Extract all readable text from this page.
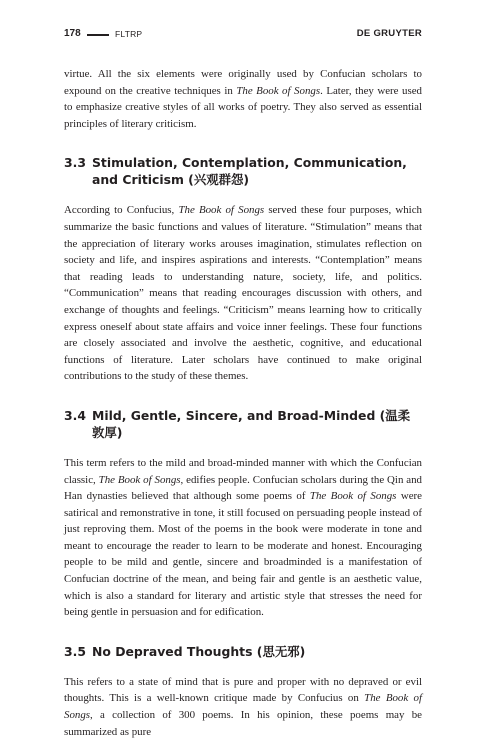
178	FLTRP	DE GRUYTER

virtue. All the six elements were originally used by Confucian scholars to expound on the creative techniques in The Book of Songs. Later, they were used to emphasize creative styles of all works of poetry. They also served as essential principles of literary criticism.

3.3 Stimulation, Contemplation, Communication, and Criticism (兴观群怨)

According to Confucius, The Book of Songs served these four purposes, which summarize the basic functions and values of literature. “Stimulation” means that the appreciation of literary works arouses imagination, stimulates reflection on society and life, and inspires aspirations and interests. “Contemplation” means that reading leads to understanding nature, society, life, and politics. “Communication” means that reading encourages discussion with others, and exchange of thoughts and feelings. “Criticism” means learning how to critically express oneself about state affairs and voice inner feelings. These four functions are closely associated and involve the aesthetic, cognitive, and educational functions of literature. Later scholars have continued to make original contributions to the study of these themes.

3.4 Mild, Gentle, Sincere, and Broad-Minded (温柔敦厚)

This term refers to the mild and broad-minded manner with which the Confucian classic, The Book of Songs, edifies people. Confucian scholars during the Qin and Han dynasties believed that although some poems of The Book of Songs were satirical and remonstrative in tone, it still focused on persuading people instead of just reproving them. Most of the poems in the book were moderate in tone and meant to encourage the reader to learn to be moderate and honest. Encouraging people to be mild and gentle, sincere and broadminded is a manifestation of Confucian doctrine of the mean, and being fair and gentle is an aesthetic value, which is also a standard for literary and artistic style that stresses the need for being gentle in persuasion and for edification.

3.5 No Depraved Thoughts (思无邪)

This refers to a state of mind that is pure and proper with no depraved or evil thoughts. This is a well-known critique made by Confucius on The Book of Songs, a collection of 300 poems. In his opinion, these poems may be summarized as pure
